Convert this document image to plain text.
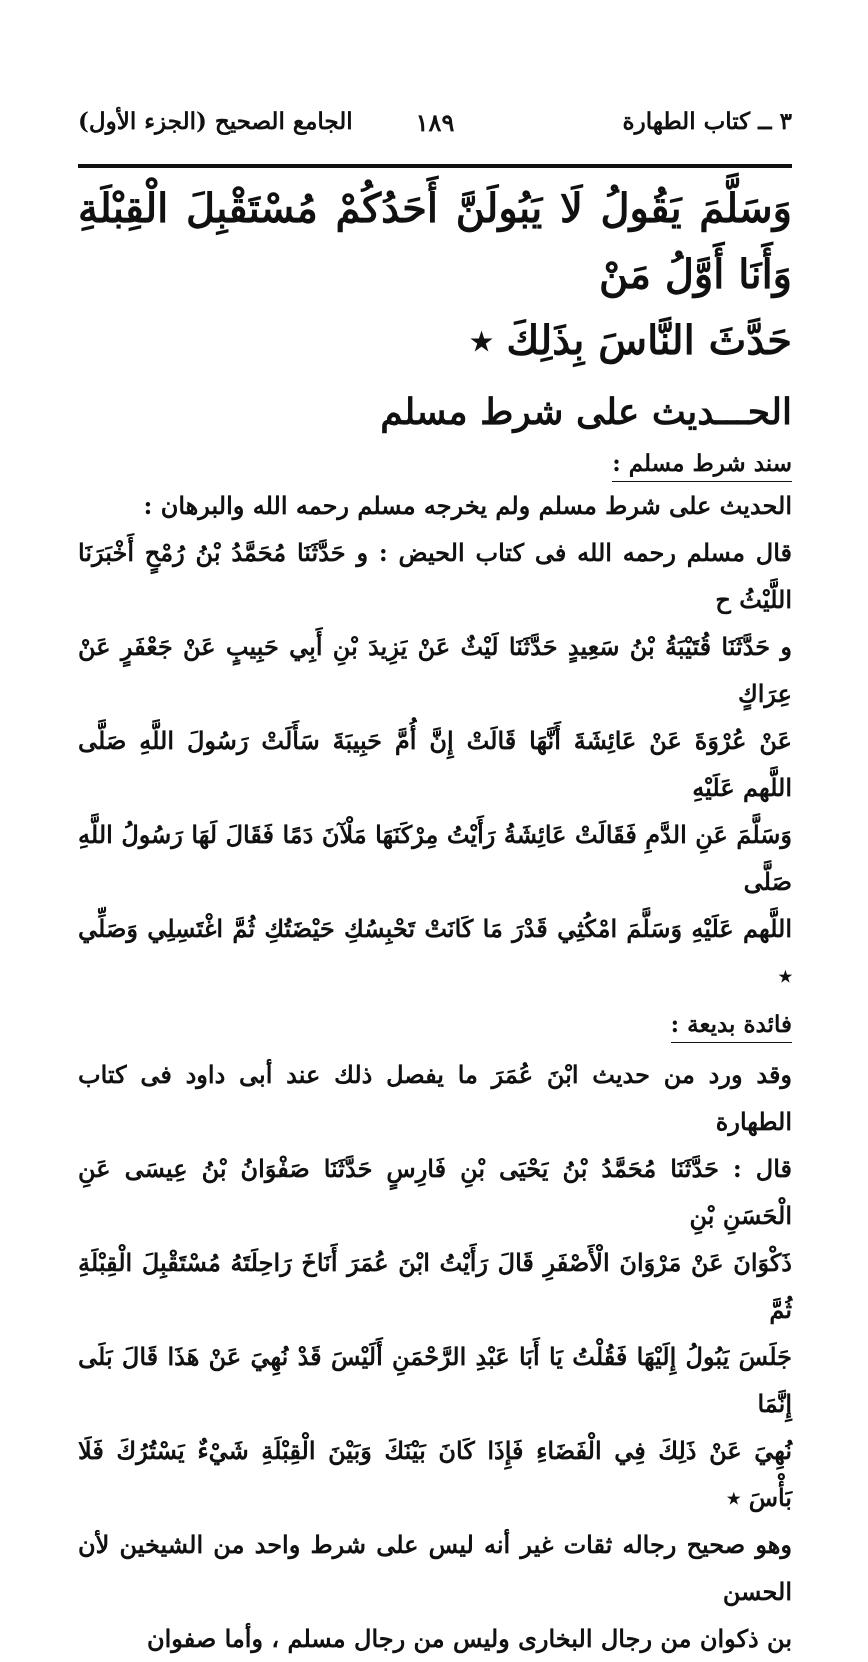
٣ ــ كتاب الطهارة
١٨٩
الجامع الصحيح (الجزء الأول)
وَسَلَّمَ يَقُولُ لَا يَبُولَنَّ أَحَدُكُمْ مُسْتَقْبِلَ الْقِبْلَةِ وَأَنَا أَوَّلُ مَنْ
حَدَّثَ النَّاسَ بِذَلِكَ ٭
الحـــديث على شرط مسلم
سند شرط مسلم :

الحديث على شرط مسلم ولم يخرجه مسلم رحمه الله والبرهان :

قال مسلم رحمه الله فى كتاب الحيض : و حَدَّثَنَا مُحَمَّدُ بْنُ رُمْحٍ أَخْبَرَنَا اللَّيْثُ ح

و حَدَّثَنَا قُتَيْبَةُ بْنُ سَعِيدٍ حَدَّثَنَا لَيْثٌ عَنْ يَزِيدَ بْنِ أَبِي حَبِيبٍ عَنْ جَعْفَرٍ عَنْ عِرَاكٍ

عَنْ عُرْوَةَ عَنْ عَائِشَةَ أَنَّهَا قَالَتْ إِنَّ أُمَّ حَبِيبَةَ سَأَلَتْ رَسُولَ اللَّهِ صَلَّى اللَّهم عَلَيْهِ

وَسَلَّمَ عَنِ الدَّمِ فَقَالَتْ عَائِشَةُ رَأَيْتُ مِرْكَنَهَا مَلْآنَ دَمًا فَقَالَ لَهَا رَسُولُ اللَّهِ صَلَّى

اللَّهم عَلَيْهِ وَسَلَّمَ امْكُثِي قَدْرَ مَا كَانَتْ تَحْبِسُكِ حَيْضَتُكِ ثُمَّ اغْتَسِلِي وَصَلِّي ٭

فائدة بديعة :

وقد ورد من حديث ابْنَ عُمَرَ ما يفصل ذلك عند أبى داود فى كتاب الطهارة

قال : حَدَّثَنَا مُحَمَّدُ بْنُ يَحْيَى بْنِ فَارِسٍ حَدَّثَنَا صَفْوَانُ بْنُ عِيسَى عَنِ الْحَسَنِ بْنِ

ذَكْوَانَ عَنْ مَرْوَانَ الْأَصْفَرِ قَالَ رَأَيْتُ ابْنَ عُمَرَ أَنَاخَ رَاحِلَتَهُ مُسْتَقْبِلَ الْقِبْلَةِ ثُمَّ

جَلَسَ يَبُولُ إِلَيْهَا فَقُلْتُ يَا أَبَا عَبْدِ الرَّحْمَنِ أَلَيْسَ قَدْ نُهِيَ عَنْ هَذَا قَالَ بَلَى إِنَّمَا

نُهِيَ عَنْ ذَلِكَ فِي الْفَضَاءِ فَإِذَا كَانَ بَيْنَكَ وَبَيْنَ الْقِبْلَةِ شَيْءٌ يَسْتُرُكَ فَلَا بَأْسَ ٭

وهو صحيح رجاله ثقات غير أنه ليس على شرط واحد من الشيخين لأن الحسن

بن ذكوان من رجال البخارى وليس من رجال مسلم ، وأما صفوان
